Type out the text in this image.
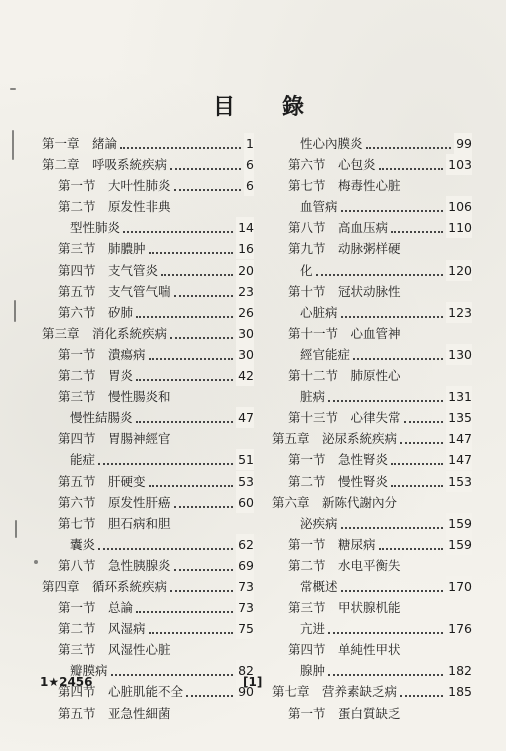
目 錄
第一章　緒論	1
第二章　呼吸系統疾病	6
第一节　大叶性肺炎	6
第二节　原发性非典
型性肺炎	14
第三节　肺膿肿	16
第四节　支气管炎	20
第五节　支气管气喘	23
第六节　矽肺	26
第三章　消化系統疾病	30
第一节　潰瘍病	30
第二节　胃炎	42
第三节　慢性腸炎和
慢性結腸炎	47
第四节　胃腸神經官
能症	51
第五节　肝硬变	53
第六节　原发性肝癌	60
第七节　胆石病和胆
囊炎	62
第八节　急性胰腺炎	69
第四章　循环系統疾病	73
第一节　总論	73
第二节　风湿病	75
第三节　风湿性心脏
瓣膜病	82
第四节　心脏肌能不全	90
第五节　亚急性細菌
性心內膜炎	99
第六节　心包炎	103
第七节　梅毒性心脏
血管病	106
第八节　高血压病	110
第九节　动脉粥样硬
化	120
第十节　冠状动脉性
心脏病	123
第十一节　心血管神
經官能症	130
第十二节　肺原性心
脏病	131
第十三节　心律失常	135
第五章　泌尿系統疾病	147
第一节　急性腎炎	147
第二节　慢性腎炎	153
第六章　新陈代謝內分
泌疾病	159
第一节　糖尿病	159
第二节　水电平衡失
常概述	170
第三节　甲状腺机能
亢进	176
第四节　单純性甲状
腺肿	182
第七章　营养素缺乏病	185
第一节　蛋白質缺乏
1★2456	[1]
